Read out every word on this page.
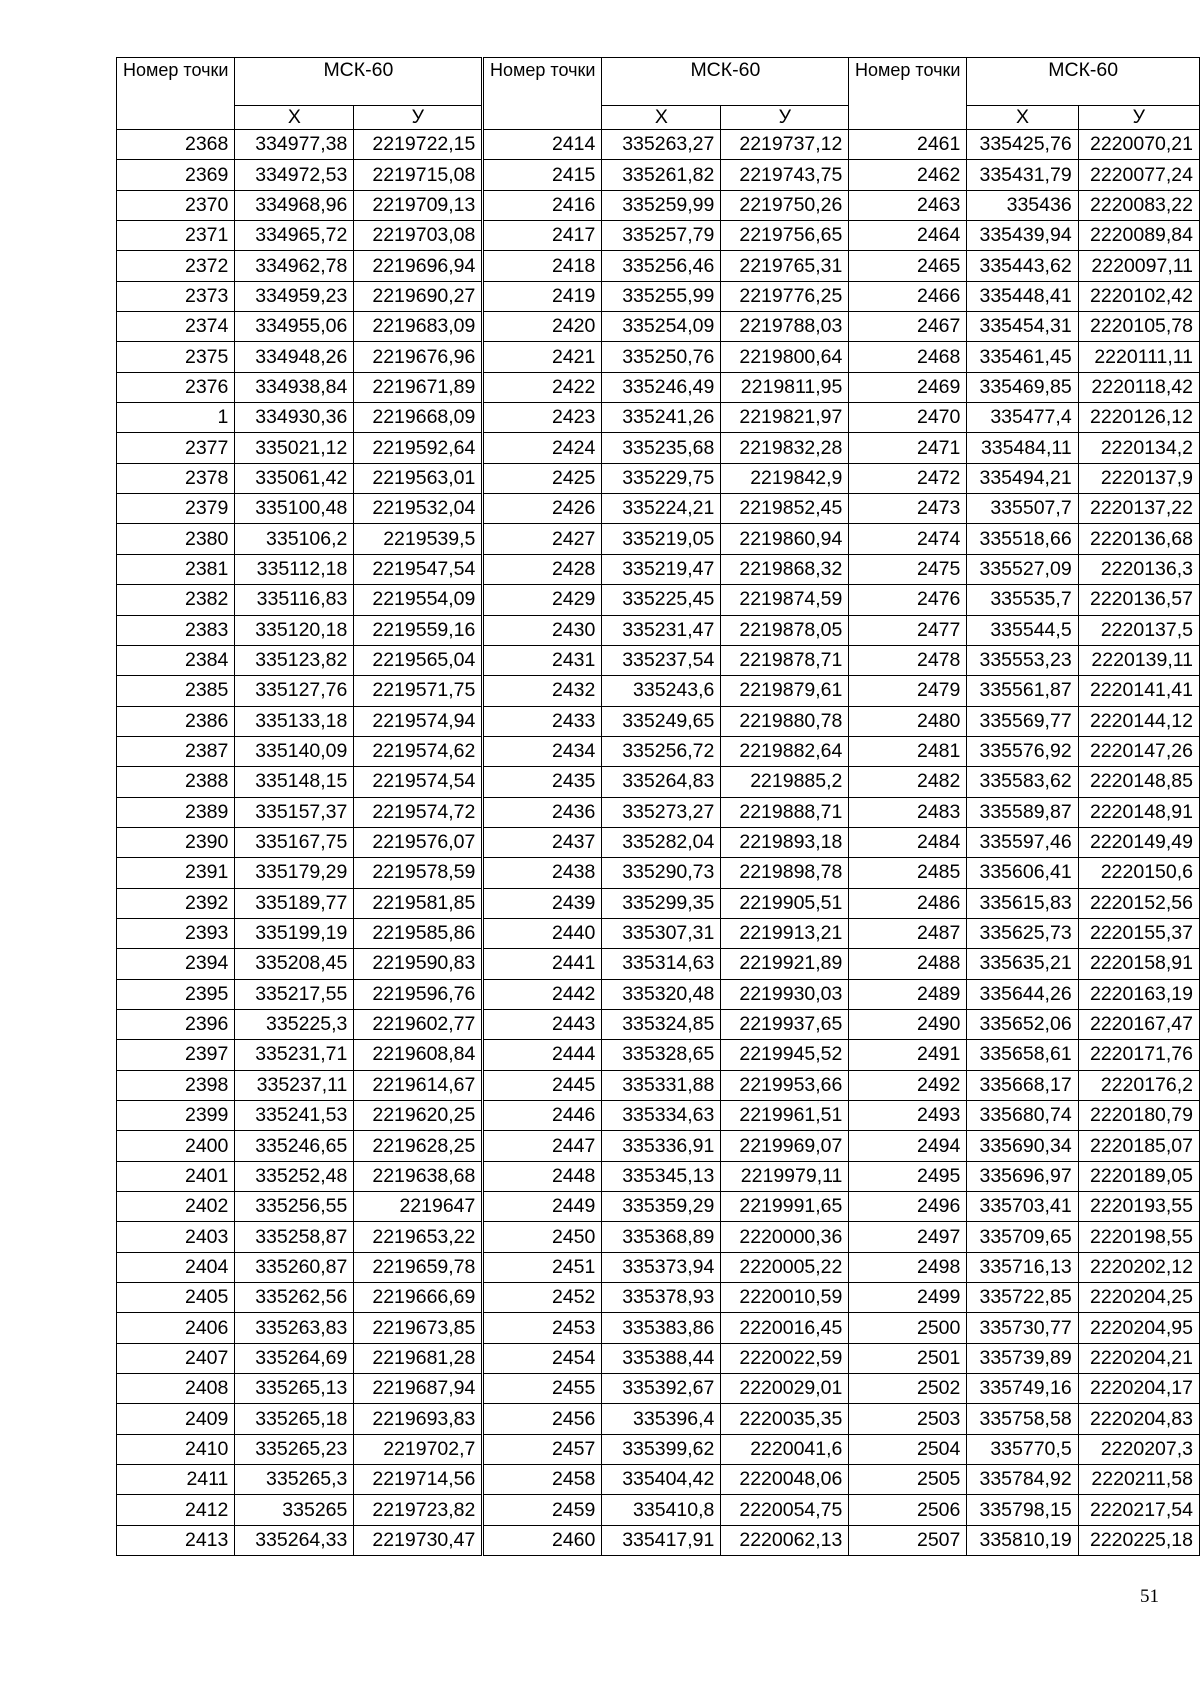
Номер точки	МСК-60	
	Х	У
2368	334977,38	2219722,15
2369	334972,53	2219715,08
2370	334968,96	2219709,13
2371	334965,72	2219703,08
2372	334962,78	2219696,94
2373	334959,23	2219690,27
2374	334955,06	2219683,09
2375	334948,26	2219676,96
2376	334938,84	2219671,89
1	334930,36	2219668,09
2377	335021,12	2219592,64
2378	335061,42	2219563,01
2379	335100,48	2219532,04
2380	335106,2	2219539,5
2381	335112,18	2219547,54
2382	335116,83	2219554,09
2383	335120,18	2219559,16
2384	335123,82	2219565,04
2385	335127,76	2219571,75
2386	335133,18	2219574,94
2387	335140,09	2219574,62
2388	335148,15	2219574,54
2389	335157,37	2219574,72
2390	335167,75	2219576,07
2391	335179,29	2219578,59
2392	335189,77	2219581,85
2393	335199,19	2219585,86
2394	335208,45	2219590,83
2395	335217,55	2219596,76
2396	335225,3	2219602,77
2397	335231,71	2219608,84
2398	335237,11	2219614,67
2399	335241,53	2219620,25
2400	335246,65	2219628,25
2401	335252,48	2219638,68
2402	335256,55	2219647
2403	335258,87	2219653,22
2404	335260,87	2219659,78
2405	335262,56	2219666,69
2406	335263,83	2219673,85
2407	335264,69	2219681,28
2408	335265,13	2219687,94
2409	335265,18	2219693,83
2410	335265,23	2219702,7
2411	335265,3	2219714,56
2412	335265	2219723,82
2413	335264,33	2219730,47
Номер точки	МСК-60	
	Х	У
2414	335263,27	2219737,12
2415	335261,82	2219743,75
2416	335259,99	2219750,26
2417	335257,79	2219756,65
2418	335256,46	2219765,31
2419	335255,99	2219776,25
2420	335254,09	2219788,03
2421	335250,76	2219800,64
2422	335246,49	2219811,95
2423	335241,26	2219821,97
2424	335235,68	2219832,28
2425	335229,75	2219842,9
2426	335224,21	2219852,45
2427	335219,05	2219860,94
2428	335219,47	2219868,32
2429	335225,45	2219874,59
2430	335231,47	2219878,05
2431	335237,54	2219878,71
2432	335243,6	2219879,61
2433	335249,65	2219880,78
2434	335256,72	2219882,64
2435	335264,83	2219885,2
2436	335273,27	2219888,71
2437	335282,04	2219893,18
2438	335290,73	2219898,78
2439	335299,35	2219905,51
2440	335307,31	2219913,21
2441	335314,63	2219921,89
2442	335320,48	2219930,03
2443	335324,85	2219937,65
2444	335328,65	2219945,52
2445	335331,88	2219953,66
2446	335334,63	2219961,51
2447	335336,91	2219969,07
2448	335345,13	2219979,11
2449	335359,29	2219991,65
2450	335368,89	2220000,36
2451	335373,94	2220005,22
2452	335378,93	2220010,59
2453	335383,86	2220016,45
2454	335388,44	2220022,59
2455	335392,67	2220029,01
2456	335396,4	2220035,35
2457	335399,62	2220041,6
2458	335404,42	2220048,06
2459	335410,8	2220054,75
2460	335417,91	2220062,13
Номер точки	МСК-60	
	Х	У
2461	335425,76	2220070,21
2462	335431,79	2220077,24
2463	335436	2220083,22
2464	335439,94	2220089,84
2465	335443,62	2220097,11
2466	335448,41	2220102,42
2467	335454,31	2220105,78
2468	335461,45	2220111,11
2469	335469,85	2220118,42
2470	335477,4	2220126,12
2471	335484,11	2220134,2
2472	335494,21	2220137,9
2473	335507,7	2220137,22
2474	335518,66	2220136,68
2475	335527,09	2220136,3
2476	335535,7	2220136,57
2477	335544,5	2220137,5
2478	335553,23	2220139,11
2479	335561,87	2220141,41
2480	335569,77	2220144,12
2481	335576,92	2220147,26
2482	335583,62	2220148,85
2483	335589,87	2220148,91
2484	335597,46	2220149,49
2485	335606,41	2220150,6
2486	335615,83	2220152,56
2487	335625,73	2220155,37
2488	335635,21	2220158,91
2489	335644,26	2220163,19
2490	335652,06	2220167,47
2491	335658,61	2220171,76
2492	335668,17	2220176,2
2493	335680,74	2220180,79
2494	335690,34	2220185,07
2495	335696,97	2220189,05
2496	335703,41	2220193,55
2497	335709,65	2220198,55
2498	335716,13	2220202,12
2499	335722,85	2220204,25
2500	335730,77	2220204,95
2501	335739,89	2220204,21
2502	335749,16	2220204,17
2503	335758,58	2220204,83
2504	335770,5	2220207,3
2505	335784,92	2220211,58
2506	335798,15	2220217,54
2507	335810,19	2220225,18
51
